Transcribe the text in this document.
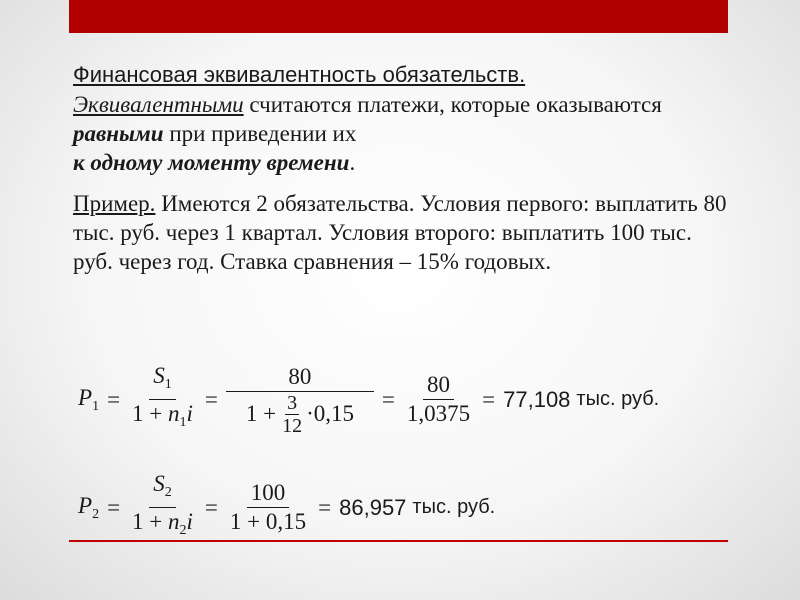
Финансовая эквивалентность обязательств.

Эквивалентными считаются платежи, которые оказываются равными при приведении их
к одному моменту времени.

Пример. Имеются 2 обязательства. Условия первого: выплатить 80 тыс. руб. через 1 квартал. Условия второго: выплатить 100 тыс. руб. через год. Ставка сравнения – 15% годовых.

$P_1 = \frac{S_1}{1 + n_1i} = \frac{80}{1 + \frac{3}{12} \cdot 0,15} = \frac{80}{1,0375} = 77,108$ тыс. руб.
$P_2 = \frac{S_2}{1 + n_2i} = \frac{100}{1 + 0,15} = 86,957$ тыс. руб.
